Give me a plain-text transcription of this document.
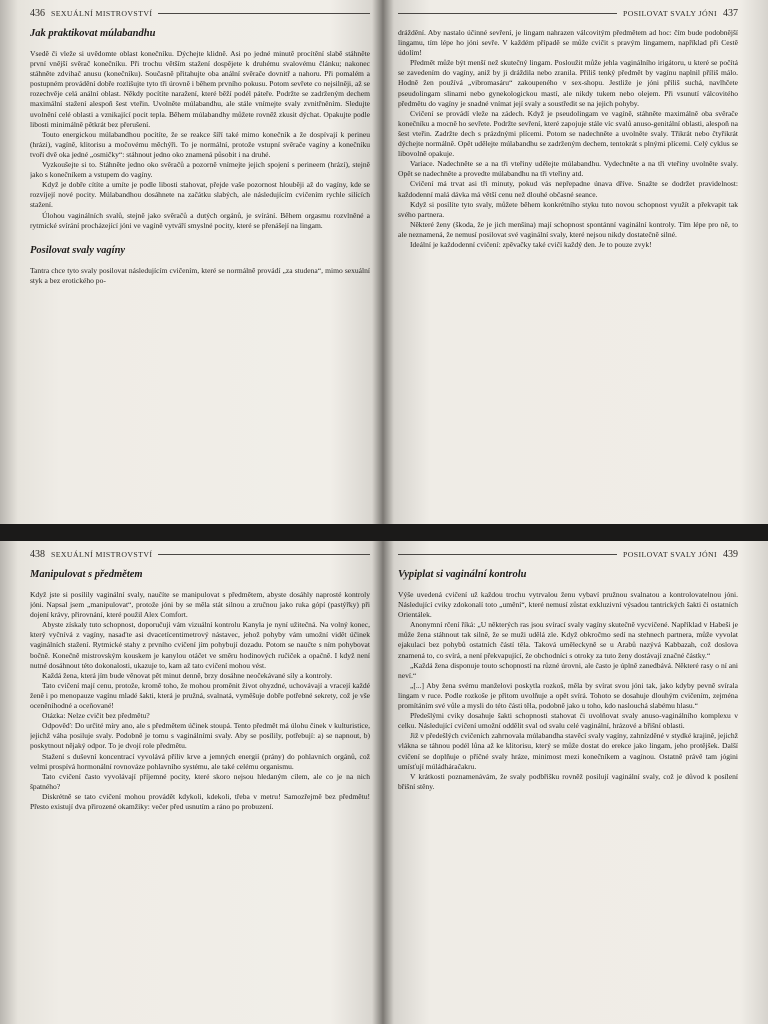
436 SEXUÁLNÍ MISTROVSTVÍ
Jak praktikovat múlabandhu

Vsedě či vleže si uvědomte oblast konečníku. Dýchejte klidně. Asi po jedné minutě procítění slabě stáhněte první vnější svěrač konečníku. Při trochu větším stažení dospějete k druhému svalovému článku; nakonec stáhněte zdvihač anusu (konečníku). Současně přitahujte oba anální svěrače dovnitř a nahoru. Při pomalém a postupném provádění dobře rozlišujte tyto tři úrovně i během prvního pokusu. Potom sevřete co nejsilněji, až se rozechvěje celá anální oblast. Někdy pocítíte naražení, které běží podél páteře. Podržte se zadrženým dechem maximální stažení alespoň šest vteřin. Uvolněte múlabandhu, ale stále vnímejte svaly zvnitřněním. Sledujte uvolnění celé oblasti a vznikající pocit tepla. Během múlabandhy můžete rovněž zkusit dýchat. Opakujte podle libosti minimálně pětkrát bez přerušení.

Touto energickou múlabandhou pocítíte, že se reakce šíří také mimo konečník a že dospívají k perineu (hrázi), vagíně, klitorisu a močovému měchýři. To je normální, protože vstupní svěrače vagíny a konečníku tvoří dvě oka jedné „osmičky“: stáhnout jedno oko znamená působit i na druhé.

Vyzkoušejte si to. Stáhněte jedno oko svěračů a pozorně vnímejte jejich spojení s perineem (hrází), stejně jako s konečníkem a vstupem do vagíny.

Když je dobře cítíte a umíte je podle libosti stahovat, přejde vaše pozornost hlouběji až do vagíny, kde se rozvíjejí nové pocity. Múlabandhou dosáhnete na začátku slabých, ale následujícím cvičením rychle silících stažení.

Úlohou vaginálních svalů, stejně jako svěračů a dutých orgánů, je svírání. Během orgasmu rozvlněné a rytmické svírání procházející jóni ve vagíně vytváří smyslné pocity, které se přenášejí na lingam.

Posilovat svaly vagíny

Tantra chce tyto svaly posilovat následujícím cvičením, které se normálně provádí „za studena“, mimo sexuální styk a bez erotického po-

POSILOVAT SVALY JÓNI 437

dráždění. Aby nastalo účinné sevření, je lingam nahrazen válcovitým předmětem ad hoc: čím bude podobnější lingamu, tím lépe ho jóni sevře. V každém případě se může cvičit s pravým lingamem, například při Cestě údolím!

Předmět může být menší než skutečný lingam. Posloužit může jehla vaginálního irigátoru, u které se počítá se zavedením do vagíny, aniž by ji dráždila nebo zranila. Příliš tenký předmět by vagínu naplnil příliš málo. Hodně žen používá „vibromasáru“ zakoupeného v sex-shopu. Jestliže je jóni příliš suchá, navlhčete pseudolingam slinami nebo gynekologickou mastí, ale nikdy tukem nebo olejem. Při vsunutí válcovitého předmětu do vagíny je snadné vnímat její svaly a soustředit se na jejich pohyby.

Cvičení se provádí vleže na zádech. Když je pseudolingam ve vagíně, stáhněte maximálně oba svěrače konečníku a mocně ho sevřete. Podržte sevření, které zapojuje stále víc svalů anuso-genitální oblasti, alespoň na šest vteřin. Zadržte dech s prázdnými plícemi. Potom se nadechněte a uvolněte svaly. Třikrát nebo čtyřikrát dýchejte normálně. Opět udělejte múlabandhu se zadrženým dechem, tentokrát s plnými plícemi. Celý cyklus se libovolně opakuje.

Variace. Nadechněte se a na tři vteřiny udělejte múlabandhu. Vydechněte a na tři vteřiny uvolněte svaly. Opět se nadechněte a provedte múlabandhu na tři vteřiny atd.

Cvičení má trvat asi tři minuty, pokud vás nepřepadne únava dříve. Snažte se dodržet pravidelnost: každodenní malá dávka má větší cenu než dlouhé občasné seance.

Když si posílíte tyto svaly, můžete během konkrétního styku tuto novou schopnost využít a překvapit tak svého partnera.

Některé ženy (škoda, že je jich menšina) mají schopnost spontánní vaginální kontroly. Tím lépe pro ně, to ale neznamená, že nemusí posilovat své vaginální svaly, které nejsou nikdy dostatečně silné.

Ideální je každodenní cvičení: zpěvačky také cvičí každý den. Je to pouze zvyk!

438 SEXUÁLNÍ MISTROVSTVÍ
Manipulovat s předmětem

Když jste si posílily vaginální svaly, naučíte se manipulovat s předmětem, abyste dosáhly naprosté kontroly jóni. Napsal jsem „manipulovat“, protože jóni by se měla stát silnou a zručnou jako ruka gópí (pastýřky) při dojení krávy, přirovnání, které použil Alex Comfort.

Abyste získaly tuto schopnost, doporučuji vám vizuální kontrolu Kanyla je nyní užitečná. Na volný konec, který vyčnívá z vagíny, nasaďte asi dvacetícentimetrový nástavec, jehož pohyby vám umožní vidět účinek vaginálních stažení. Rytmické stahy z prvního cvičení jím pohybují dozadu. Potom se naučte s ním pohybovat bočně. Konečně mistrovským kouskem je kanylou otáčet ve směru hodinových ručiček a opačně. I když není nutné dosáhnout této dokonalosti, ukazuje to, kam až tato cvičení mohou vést.

Každá žena, která jím bude věnovat pět minut denně, brzy dosáhne neočekávané síly a kontroly.

Tato cvičení mají cenu, protože, kromě toho, že mohou proměnit život ohyzdné, uchovávají a vracejí každé ženě i po menopauze vagínu mladé šakti, která je pružná, svalnatá, vyměšuje dobře potřebné sekrety, což je vše oceněníhodné a oceňované!

Otázka: Nelze cvičit bez předmětu?

Odpověď: Do určité míry ano, ale s předmětem účinek stoupá. Tento předmět má úlohu činek v kulturistice, jejichž váha posiluje svaly. Podobně je tomu s vaginálními svaly. Aby se posílily, potřebují: a) se napnout, b) poskytnout nějaký odpor. To je dvojí role předmětu.

Stažení s duševní koncentrací vyvolává příliv krve a jemných energií (prány) do pohlavních orgánů, což velmi prospívá hormonální rovnováze pohlavního systému, ale také celému organismu.

Tato cvičení často vyvolávají příjemné pocity, které skoro nejsou hledaným cílem, ale co je na nich špatného?

Diskrétně se tato cvičení mohou provádět kdykoli, kdekoli, třeba v metru! Samozřejmě bez předmětu! Přesto existují dva přirozené okamžiky: večer před usnutím a ráno po probuzení.

POSILOVAT SVALY JÓNI 439
Vypiplat si vaginální kontrolu

Výše uvedená cvičení už každou trochu vytrvalou ženu vybaví pružnou svalnatou a kontrolovatelnou jóni. Následující cviky zdokonalí toto „umění“, které nemusí zůstat exkluzivní výsadou tantrických šakti či ostatních Orientálek.

Anonymní rčení říká: „U některých ras jsou svírací svaly vagíny skutečně vycvičené. Například v Habeši je může žena stáhnout tak silně, že se muži udělá zle. Když obkročmo sedí na stehnech partnera, může vyvolat ejakulaci bez pohybů ostatních částí těla. Taková uměleckyně se u Arabů nazývá Kabbazah, což doslova znamená to, co svírá, a není překvapující, že obchodníci s otroky za tuto ženy dostávají značné částky.“

„Každá žena disponuje touto schopností na různé úrovni, ale často je úplně zanedbává. Některé rasy o ní ani neví.“

„[...] Aby žena svému manželovi poskytla rozkoš, měla by svírat svou jóni tak, jako kdyby pevně svírala lingam v ruce. Podle rozkoše je přitom uvolňuje a opět svírá. Tohoto se dosahuje dlouhým cvičením, zejména promítáním své vůle a mysli do této části těla, podobně jako u toho, kdo naslouchá slabému hlasu.“

Předešlými cviky dosahuje šakti schopnosti stahovat či uvolňovat svaly anuso-vaginálního komplexu v celku. Následující cvičení umožní oddělit sval od svalu celé vaginální, hrázové a břišní oblasti.

Již v předešlých cvičeních zahrnovala múlabandha stavěcí svaly vagíny, zahnízděné v stydké krajině, jejichž vlákna se táhnou podél lůna až ke klitorisu, který se může dostat do erekce jako lingam, jeho protějšek. Další cvičení se doplňuje o příčné svaly hráze, minimost mezi konečníkem a vagínou. Ostatně právě tam jógini umísťují múládháračakru.

V krátkosti poznamenávám, že svaly podbřišku rovněž posilují vaginální svaly, což je důvod k posílení břišní stěny.
